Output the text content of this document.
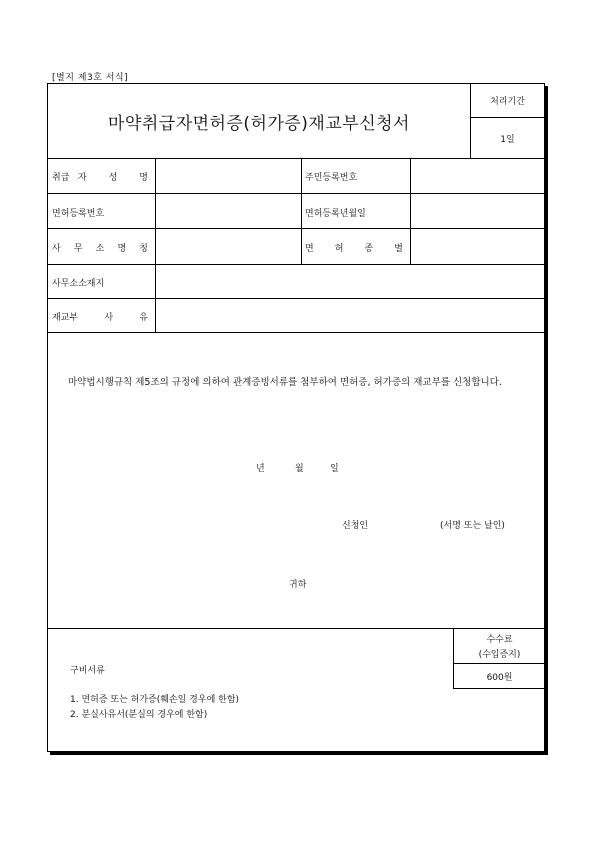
[별지 제3호 서식]
마약취급자면허증(허가증)재교부신청서
처리기간
1일
취 급 자 성 명	주민등록번호
면허등록번호	면허등록년월일
사 무 소 명 칭	면 허 종 별
사무소소재지
재교부	사	유
마약법시행규칙 제5조의 규정에 의하여 관계증빙서류를 첨부하여 면허증, 허가증의 재교부를 신청합니다.
년	월	일
신청인	(서명 또는 날인)
귀하
수수료
(수입증지)
600원
구비서류
1. 면허증 또는 허가증(훼손일 경우에 한함)
2. 분실사유서(분실의 경우에 한함)
